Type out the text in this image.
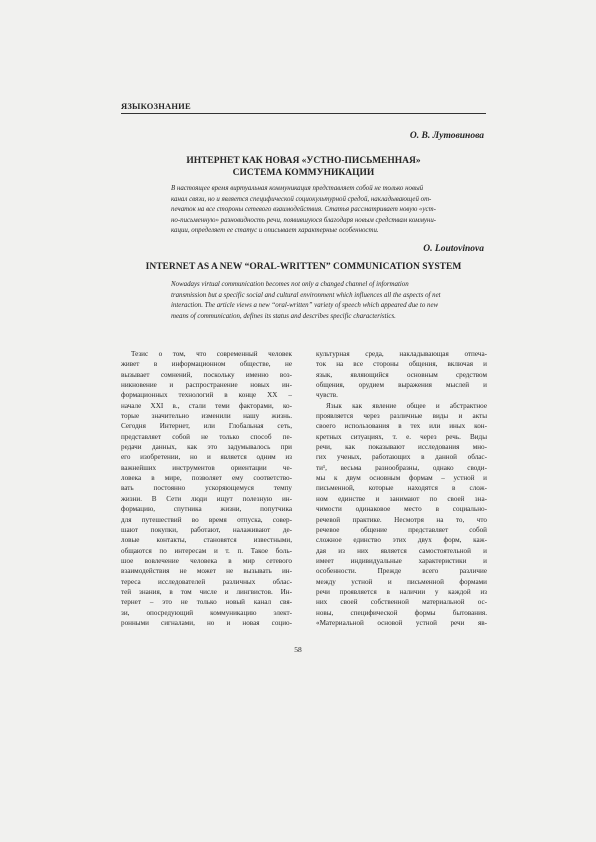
ЯЗЫКОЗНАНИЕ
О. В. Лутовинова
ИНТЕРНЕТ КАК НОВАЯ «УСТНО-ПИСЬМЕННАЯ»
СИСТЕМА КОММУНИКАЦИИ
В настоящее время виртуальная коммуникация представляет собой не только новый
канал связи, но и является специфической социокультурной средой, накладывающей от-
печаток на все стороны сетевого взаимодействия. Статья рассматривает новую «уст-
но-письменную» разновидность речи, появившуюся благодаря новым средствам коммуни-
кации, определяет ее статус и описывает характерные особенности.
O. Loutovinova
INTERNET AS A NEW “ORAL-WRITTEN” COMMUNICATION SYSTEM
Nowadays virtual communication becomes not only a changed channel of information
transmission but a specific social and cultural environment which influences all the aspects of net
interaction. The article views a new “oral-written” variety of speech which appeared due to new
means of communication, defines its status and describes specific characteristics.
Тезис о том, что современный человек
живет в информационном обществе, не
вызывает сомнений, поскольку именно воз-
никновение и распространение новых ин-
формационных технологий в конце XX –
начале XXI в., стали теми факторами, ко-
торые значительно изменили нашу жизнь.
Сегодня Интернет, или Глобальная сеть,
представляет собой не только способ пе-
редачи данных, как это задумывалось при
его изобретении, но и является одним из
важнейших инструментов ориентации че-
ловека в мире, позволяет ему соответство-
вать постоянно ускоряющемуся темпу
жизни. В Сети люди ищут полезную ин-
формацию, спутника жизни, попутчика
для путешествий во время отпуска, совер-
шают покупки, работают, налаживают де-
ловые контакты, становятся известными,
общаются по интересам и т. п. Такое боль-
шое вовлечение человека в мир сетевого
взаимодействия не может не вызывать ин-
тереса исследователей различных облас-
тей знания, в том числе и лингвистов. Ин-
тернет – это не только новый канал свя-
зи, опосредующий коммуникацию элект-
ронными сигналами, но и новая социо-
культурная среда, накладывающая отпеча-
ток на все стороны общения, включая и
язык, являющийся основным средством
общения, орудием выражения мыслей и
чувств.
Язык как явление общее и абстрактное
проявляется через различные виды и акты
своего использования в тех или иных кон-
кретных ситуациях, т. е. через речь. Виды
речи, как показывают исследования мно-
гих ученых, работающих в данной облас-
ти¹, весьма разнообразны, однако своди-
мы к двум основным формам – устной и
письменной, которые находятся в слож-
ном единстве и занимают по своей зна-
чимости одинаковое место в социально-
речевой практике. Несмотря на то, что
речевое общение представляет собой
сложное единство этих двух форм, каж-
дая из них является самостоятельной и
имеет индивидуальные характеристики и
особенности. Прежде всего различие
между устной и письменной формами
речи проявляется в наличии у каждой из
них своей собственной материальной ос-
новы, специфической формы бытования.
«Материальной основой устной речи яв-
58
